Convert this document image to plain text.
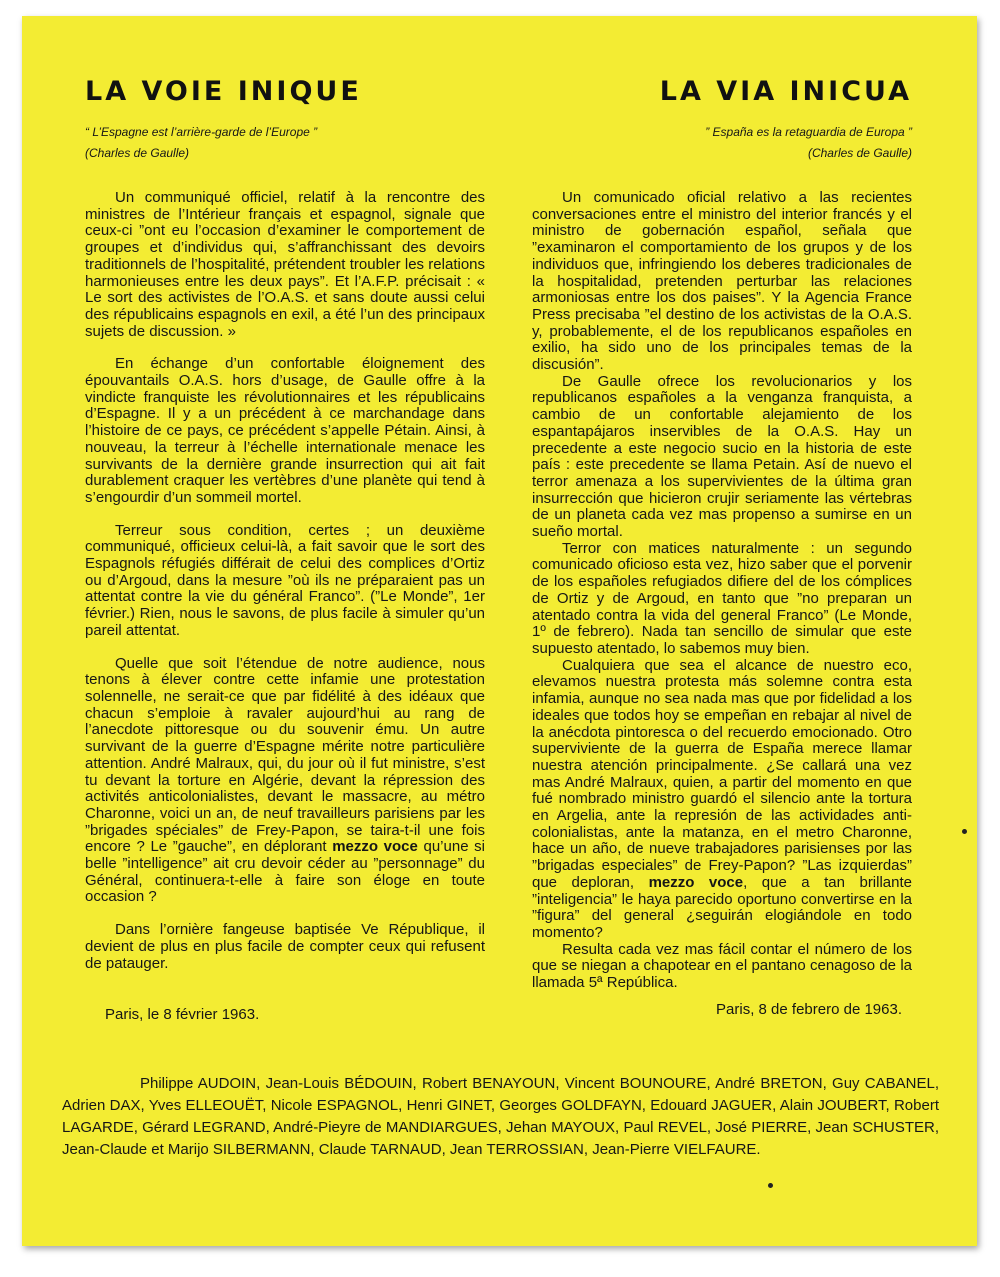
LA VOIE INIQUE
“ L’Espagne est l’arrière-garde de l’Europe ”
(Charles de Gaulle)

Un communiqué officiel, relatif à la rencontre des ministres de l’Intérieur français et espagnol, signale que ceux-ci ”ont eu l’occasion d’examiner le comportement de groupes et d’individus qui, s’affranchissant des devoirs traditionnels de l’hospitalité, prétendent troubler les relations harmonieuses entre les deux pays”. Et l’A.F.P. précisait : « Le sort des activistes de l’O.A.S. et sans doute aussi celui des républicains espagnols en exil, a été l’un des principaux sujets de discussion. »

En échange d’un confortable éloignement des épouvantails O.A.S. hors d’usage, de Gaulle offre à la vindicte franquiste les révolutionnaires et les républicains d’Espagne. Il y a un précédent à ce marchandage dans l’histoire de ce pays, ce précédent s’appelle Pétain. Ainsi, à nouveau, la terreur à l’échelle internationale menace les survivants de la dernière grande insurrection qui ait fait durablement craquer les vertèbres d’une planète qui tend à s’engourdir d’un sommeil mortel.

Terreur sous condition, certes ; un deuxième communiqué, officieux celui-là, a fait savoir que le sort des Espagnols réfugiés différait de celui des complices d’Ortiz ou d’Argoud, dans la mesure ”où ils ne préparaient pas un attentat contre la vie du général Franco”. (”Le Monde”, 1er février.) Rien, nous le savons, de plus facile à simuler qu’un pareil attentat.

Quelle que soit l’étendue de notre audience, nous tenons à élever contre cette infamie une protestation solennelle, ne serait-ce que par fidélité à des idéaux que chacun s’emploie à ravaler aujourd’hui au rang de l’anecdote pittoresque ou du souvenir ému. Un autre survivant de la guerre d’Espagne mérite notre particulière attention. André Malraux, qui, du jour où il fut ministre, s’est tu devant la torture en Algérie, devant la répression des activités anticolonialistes, devant le massacre, au métro Charonne, voici un an, de neuf travailleurs parisiens par les ”brigades spéciales” de Frey-Papon, se taira-t-il une fois encore ? Le ”gauche”, en déplorant mezzo voce qu’une si belle ”intelligence” ait cru devoir céder au ”personnage” du Général, continuera-t-elle à faire son éloge en toute occasion ?

Dans l’ornière fangeuse baptisée Ve République, il devient de plus en plus facile de compter ceux qui refusent de patauger.

Paris, le 8 février 1963.
LA VIA INICUA
” España es la retaguardia de Europa ”
(Charles de Gaulle)

Un comunicado oficial relativo a las recientes conversaciones entre el ministro del interior francés y el ministro de gobernación español, señala que ”examinaron el comportamiento de los grupos y de los individuos que, infringiendo los deberes tradicionales de la hospitalidad, pretenden perturbar las relaciones armoniosas entre los dos paises”. Y la Agencia France Press precisaba ”el destino de los activistas de la O.A.S. y, probablemente, el de los republicanos españoles en exilio, ha sido uno de los principales temas de la discusión”.

De Gaulle ofrece los revolucionarios y los republicanos españoles a la venganza franquista, a cambio de un confortable alejamiento de los espantapájaros inservibles de la O.A.S. Hay un precedente a este negocio sucio en la historia de este país : este precedente se llama Petain. Así de nuevo el terror amenaza a los supervivientes de la última gran insurrección que hicieron crujir seriamente las vértebras de un planeta cada vez mas propenso a sumirse en un sueño mortal.

Terror con matices naturalmente : un segundo comunicado oficioso esta vez, hizo saber que el porvenir de los españoles refugiados difiere del de los cómplices de Ortiz y de Argoud, en tanto que ”no preparan un atentado contra la vida del general Franco” (Le Monde, 1º de febrero). Nada tan sencillo de simular que este supuesto atentado, lo sabemos muy bien.

Cualquiera que sea el alcance de nuestro eco, elevamos nuestra protesta más solemne contra esta infamia, aunque no sea nada mas que por fidelidad a los ideales que todos hoy se empeñan en rebajar al nivel de la anécdota pintoresca o del recuerdo emocionado. Otro superviviente de la guerra de España merece llamar nuestra atención principalmente. ¿Se callará una vez mas André Malraux, quien, a partir del momento en que fué nombrado ministro guardó el silencio ante la tortura en Argelia, ante la represión de las actividades anti-colonialistas, ante la matanza, en el metro Charonne, hace un año, de nueve trabajadores parisienses por las ”brigadas especiales” de Frey-Papon? ”Las izquierdas” que deploran, mezzo voce, que a tan brillante ”inteligencia” le haya parecido oportuno convertirse en la ”figura” del general ¿seguirán elogiándole en todo momento?

Resulta cada vez mas fácil contar el número de los que se niegan a chapotear en el pantano cenagoso de la llamada 5ª República.

Paris, 8 de febrero de 1963.
Philippe AUDOIN, Jean-Louis BÉDOUIN, Robert BENAYOUN, Vincent BOUNOURE, André BRETON, Guy CABANEL, Adrien DAX, Yves ELLEOUËT, Nicole ESPAGNOL, Henri GINET, Georges GOLDFAYN, Edouard JAGUER, Alain JOUBERT, Robert LAGARDE, Gérard LEGRAND, André-Pieyre de MANDIARGUES, Jehan MAYOUX, Paul REVEL, José PIERRE, Jean SCHUSTER, Jean-Claude et Marijo SILBERMANN, Claude TARNAUD, Jean TERROSSIAN, Jean-Pierre VIELFAURE.
